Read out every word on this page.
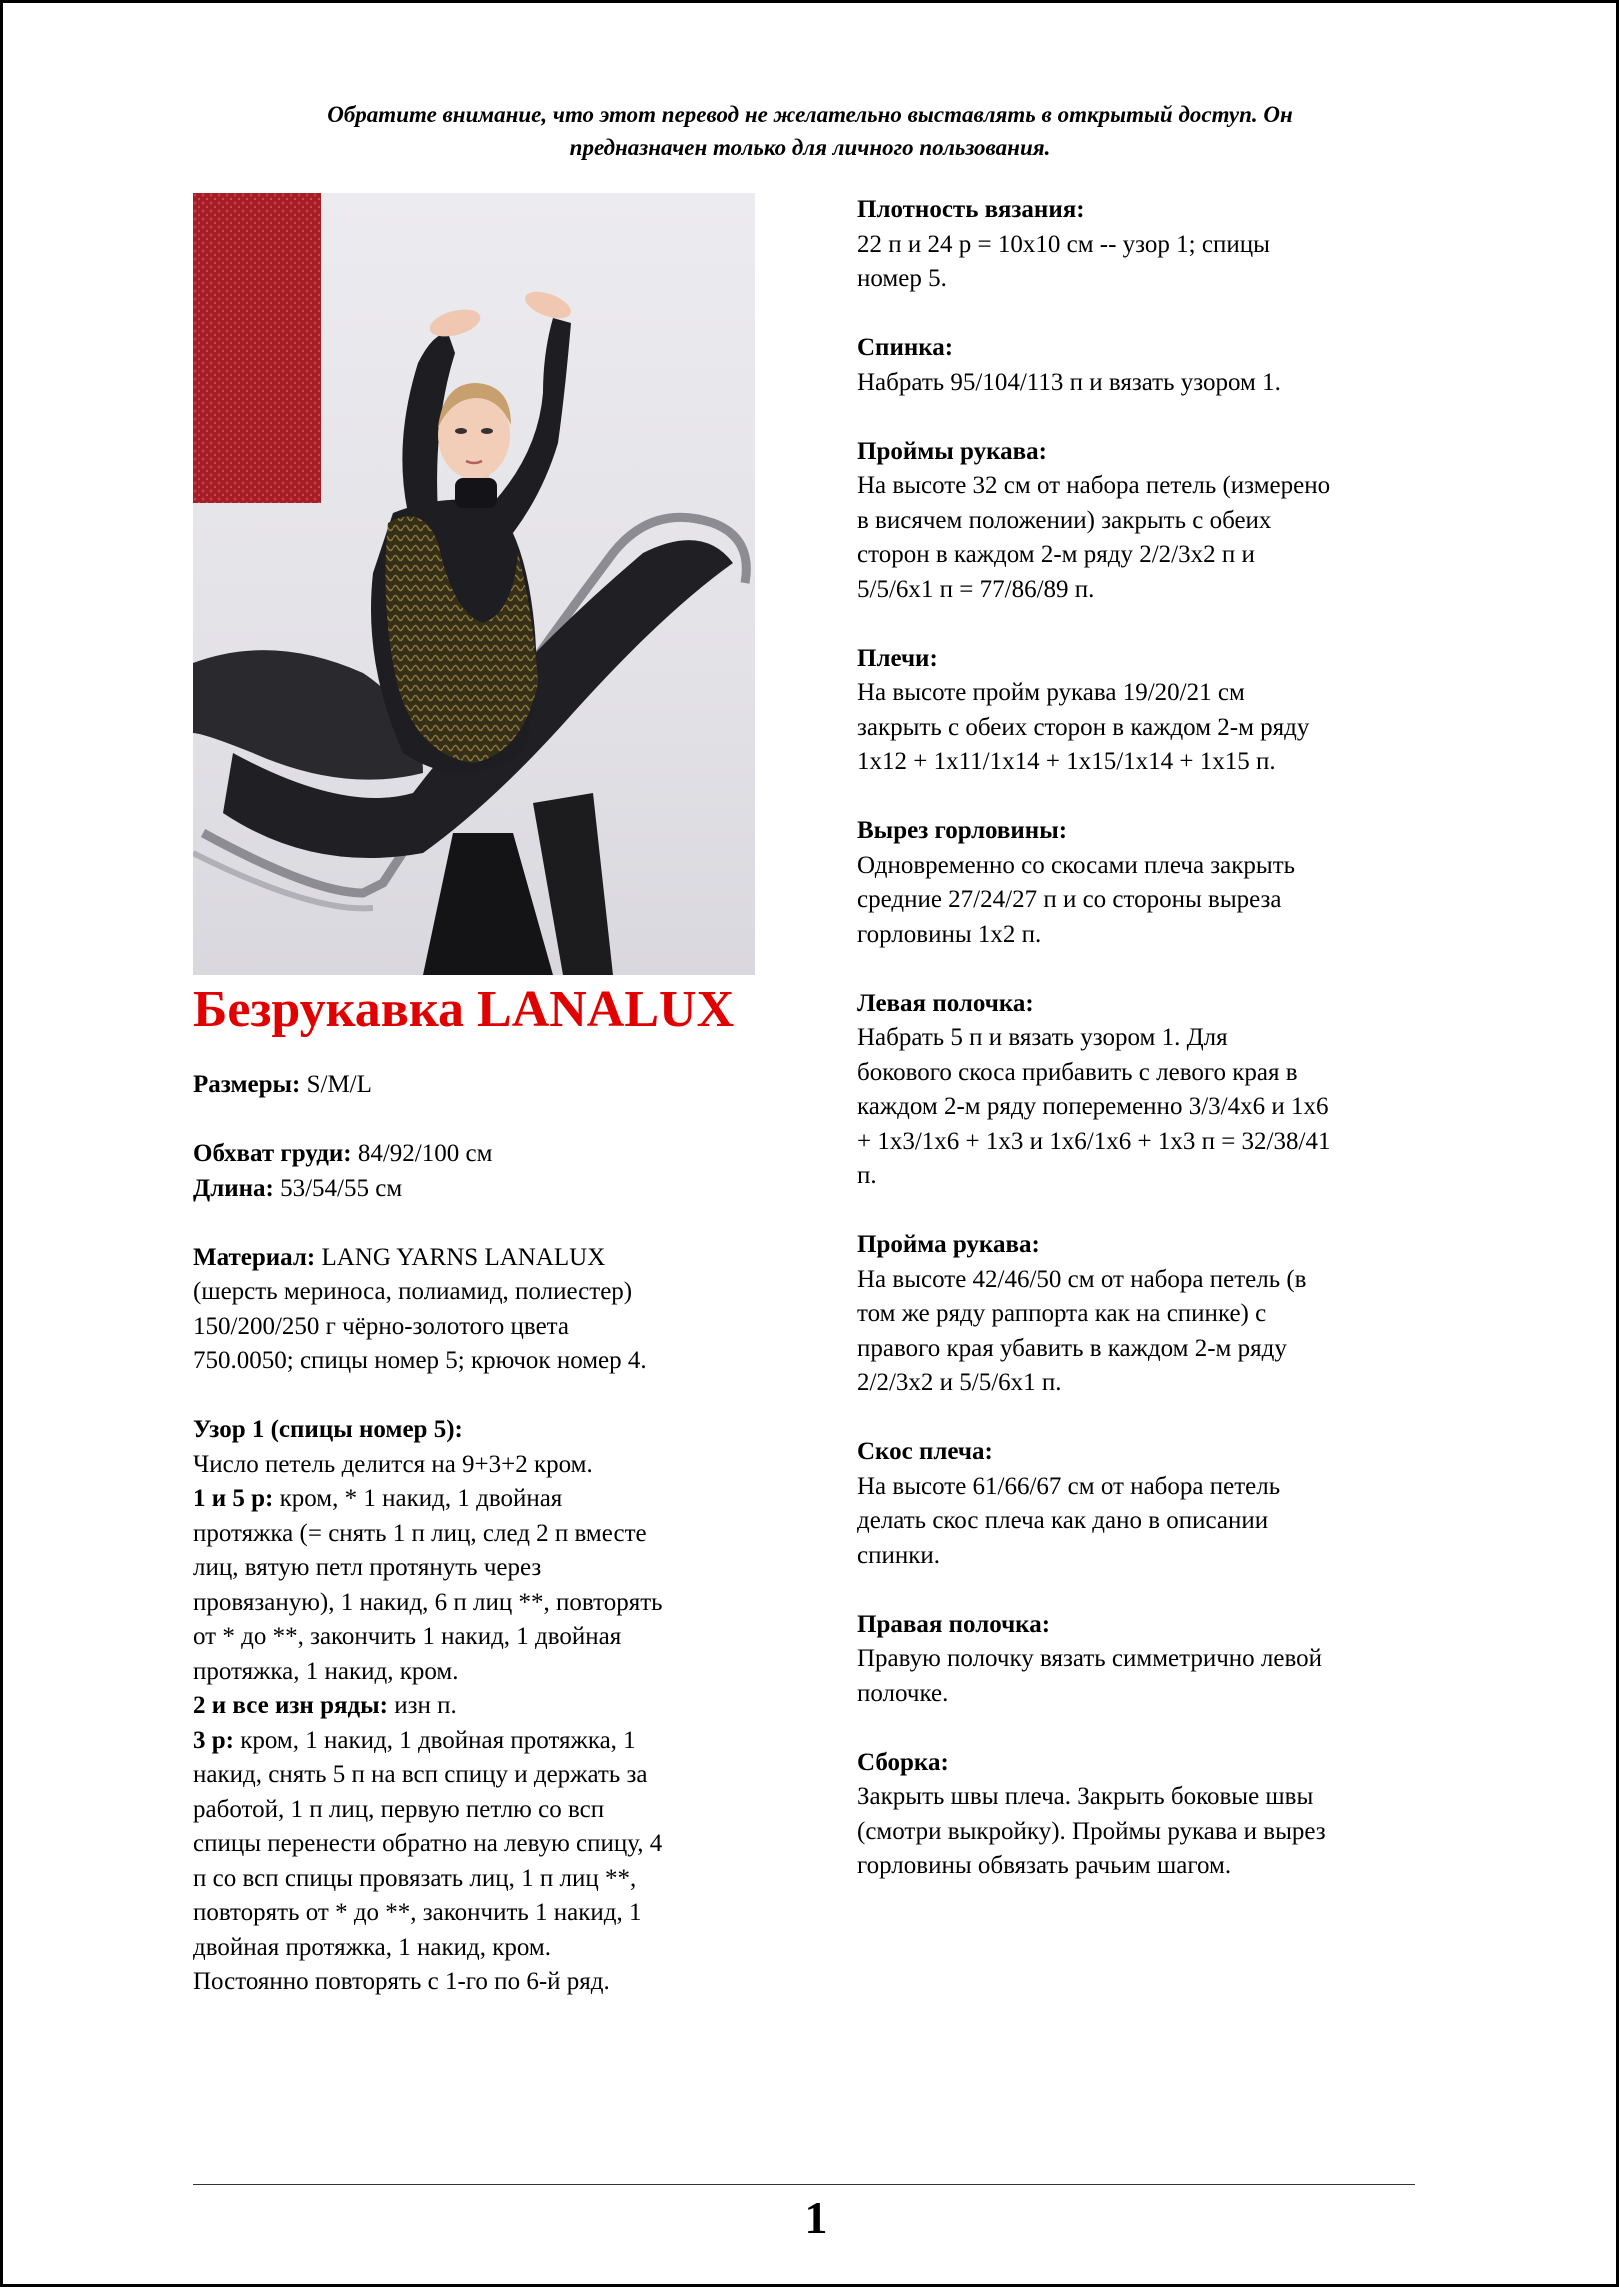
Обратите внимание, что этот перевод не желательно выставлять в открытый доступ. Он
предназначен только для личного пользования.
Безрукавка LANALUX
Размеры: S/M/L
Обхват груди: 84/92/100 см
Длина: 53/54/55 см
Материал: LANG YARNS LANALUX
(шерсть мериноса, полиамид, полиестер)
150/200/250 г чёрно-золотого цвета
750.0050; спицы номер 5; крючок номер 4.
Узор 1 (спицы номер 5):
Число петель делится на 9+3+2 кром.
1 и 5 р: кром, * 1 накид, 1 двойная
протяжка (= снять 1 п лиц, след 2 п вместе
лиц, вятую петл протянуть через
провязаную), 1 накид, 6 п лиц **, повторять
от * до **, закончить 1 накид, 1 двойная
протяжка, 1 накид, кром.
2 и все изн ряды: изн п.
3 р: кром, 1 накид, 1 двойная протяжка, 1
накид, снять 5 п на всп спицу и держать за
работой, 1 п лиц, первую петлю со всп
спицы перенести обратно на левую спицу, 4
п со всп спицы провязать лиц, 1 п лиц **,
повторять от * до **, закончить 1 накид, 1
двойная протяжка, 1 накид, кром.
Постоянно повторять с 1-го по 6-й ряд.
Плотность вязания:
22 п и 24 р = 10х10 см -- узор 1; спицы
номер 5.
Спинка:
Набрать 95/104/113 п и вязать узором 1.
Проймы рукава:
На высоте 32 см от набора петель (измерено
в висячем положении) закрыть с обеих
сторон в каждом 2-м ряду 2/2/3х2 п и
5/5/6х1 п = 77/86/89 п.
Плечи:
На высоте пройм рукава 19/20/21 см
закрыть с обеих сторон в каждом 2-м ряду
1х12 + 1х11/1х14 + 1х15/1х14 + 1х15 п.
Вырез горловины:
Одновременно со скосами плеча закрыть
средние 27/24/27 п и со стороны выреза
горловины 1х2 п.
Левая полочка:
Набрать 5 п и вязать узором 1. Для
бокового скоса прибавить с левого края в
каждом 2-м ряду попеременно 3/3/4х6 и 1х6
+ 1х3/1х6 + 1х3 и 1х6/1х6 + 1х3 п = 32/38/41
п.
Пройма рукава:
На высоте 42/46/50 см от набора петель (в
том же ряду раппорта как на спинке) с
правого края убавить в каждом 2-м ряду
2/2/3х2 и 5/5/6х1 п.
Скос плеча:
На высоте 61/66/67 см от набора петель
делать скос плеча как дано в описании
спинки.
Правая полочка:
Правую полочку вязать симметрично левой
полочке.
Сборка:
Закрыть швы плеча. Закрыть боковые швы
(смотри выкройку). Проймы рукава и вырез
горловины обвязать рачьим шагом.
1
